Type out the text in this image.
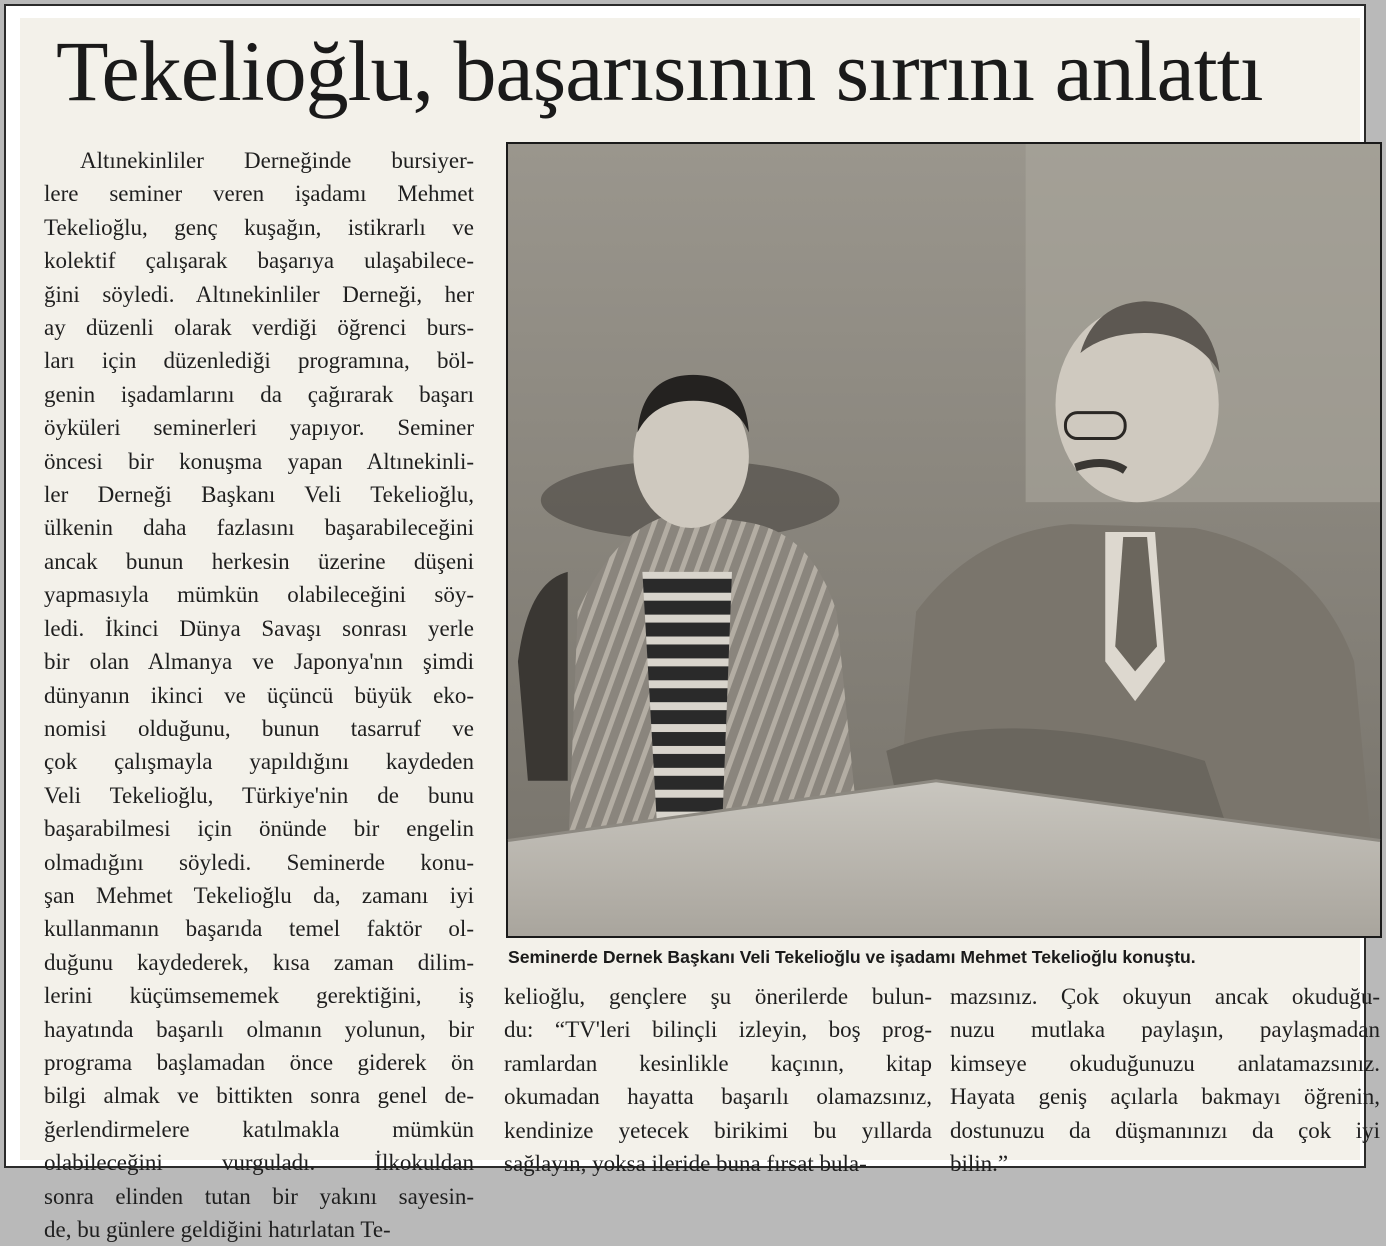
Tekelioğlu, başarısının sırrını anlattı
Altınekinliler Derneğinde bursiyer-
lere seminer veren işadamı Mehmet
Tekelioğlu, genç kuşağın, istikrarlı ve
kolektif çalışarak başarıya ulaşabilece-
ğini söyledi. Altınekinliler Derneği, her
ay düzenli olarak verdiği öğrenci burs-
ları için düzenlediği programına, böl-
genin işadamlarını da çağırarak başarı
öyküleri seminerleri yapıyor. Seminer
öncesi bir konuşma yapan Altınekinli-
ler Derneği Başkanı Veli Tekelioğlu,
ülkenin daha fazlasını başarabileceğini
ancak bunun herkesin üzerine düşeni
yapmasıyla mümkün olabileceğini söy-
ledi. İkinci Dünya Savaşı sonrası yerle
bir olan Almanya ve Japonya'nın şimdi
dünyanın ikinci ve üçüncü büyük eko-
nomisi olduğunu, bunun tasarruf ve
çok çalışmayla yapıldığını kaydeden
Veli Tekelioğlu, Türkiye'nin de bunu
başarabilmesi için önünde bir engelin
olmadığını söyledi. Seminerde konu-
şan Mehmet Tekelioğlu da, zamanı iyi
kullanmanın başarıda temel faktör ol-
duğunu kaydederek, kısa zaman dilim-
lerini küçümsememek gerektiğini, iş
hayatında başarılı olmanın yolunun, bir
programa başlamadan önce giderek ön
bilgi almak ve bittikten sonra genel de-
ğerlendirmelere katılmakla mümkün
olabileceğini vurguladı. İlkokuldan
sonra elinden tutan bir yakını sayesin-
de, bu günlere geldiğini hatırlatan Te-

Seminerde Dernek Başkanı Veli Tekelioğlu ve işadamı Mehmet Tekelioğlu konuştu.

kelioğlu, gençlere şu önerilerde bulun-
du: “TV'leri bilinçli izleyin, boş prog-
ramlardan kesinlikle kaçının, kitap
okumadan hayatta başarılı olamazsınız,
kendinize yetecek birikimi bu yıllarda
sağlayın, yoksa ileride buna fırsat bula-
mazsınız. Çok okuyun ancak okuduğu-
nuzu mutlaka paylaşın, paylaşmadan
kimseye okuduğunuzu anlatamazsınız.
Hayata geniş açılarla bakmayı öğrenin,
dostunuzu da düşmanınızı da çok iyi
bilin.”
